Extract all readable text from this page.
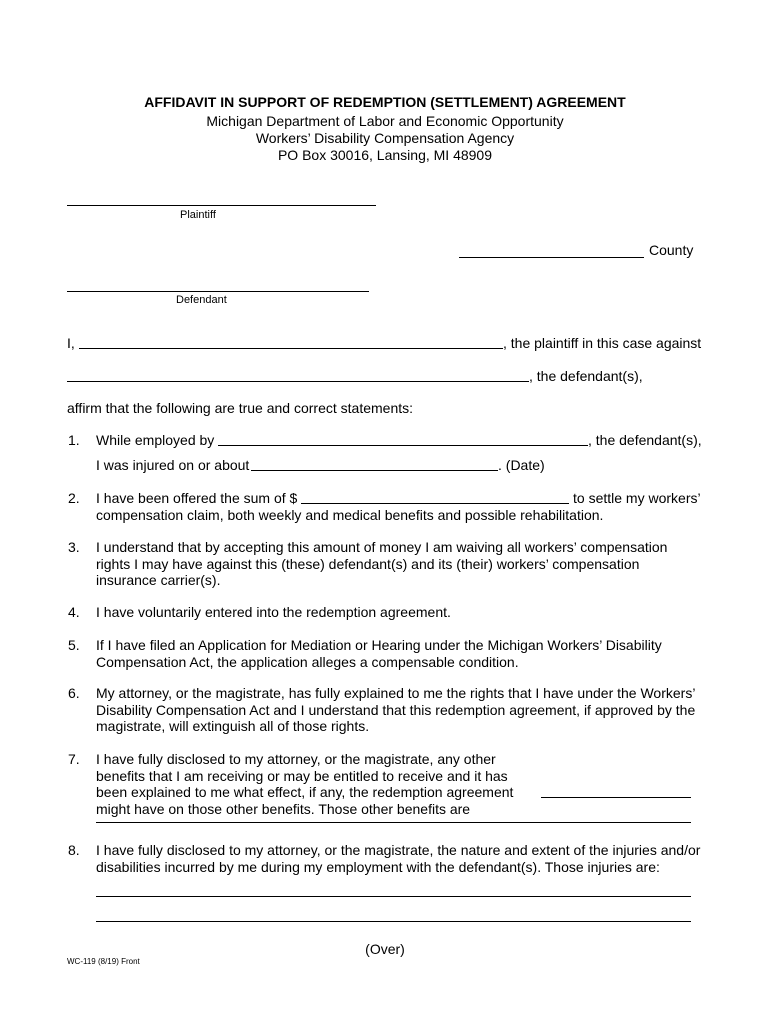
AFFIDAVIT IN SUPPORT OF REDEMPTION (SETTLEMENT) AGREEMENT
Michigan Department of Labor and Economic Opportunity
Workers’ Disability Compensation Agency
PO Box 30016, Lansing, MI 48909
Plaintiff
County
Defendant
I,	, the plaintiff in this case against
, the defendant(s),
affirm that the following are true and correct statements:
1. While employed by	, the defendant(s),
I was injured on or about	. (Date)
2. I have been offered the sum of $	to settle my workers’
compensation claim, both weekly and medical benefits and possible rehabilitation.
3. I understand that by accepting this amount of money I am waiving all workers’ compensation rights I may have against this (these) defendant(s) and its (their) workers’ compensation insurance carrier(s).
4. I have voluntarily entered into the redemption agreement.
5. If I have filed an Application for Mediation or Hearing under the Michigan Workers’ Disability Compensation Act, the application alleges a compensable condition.
6. My attorney, or the magistrate, has fully explained to me the rights that I have under the Workers’ Disability Compensation Act and I understand that this redemption agreement, if approved by the magistrate, will extinguish all of those rights.
7. I have fully disclosed to my attorney, or the magistrate, any other benefits that I am receiving or may be entitled to receive and it has been explained to me what effect, if any, the redemption agreement might have on those other benefits. Those other benefits are
8. I have fully disclosed to my attorney, or the magistrate, the nature and extent of the injuries and/or disabilities incurred by me during my employment with the defendant(s). Those injuries are:
(Over)
WC-119 (8/19) Front
